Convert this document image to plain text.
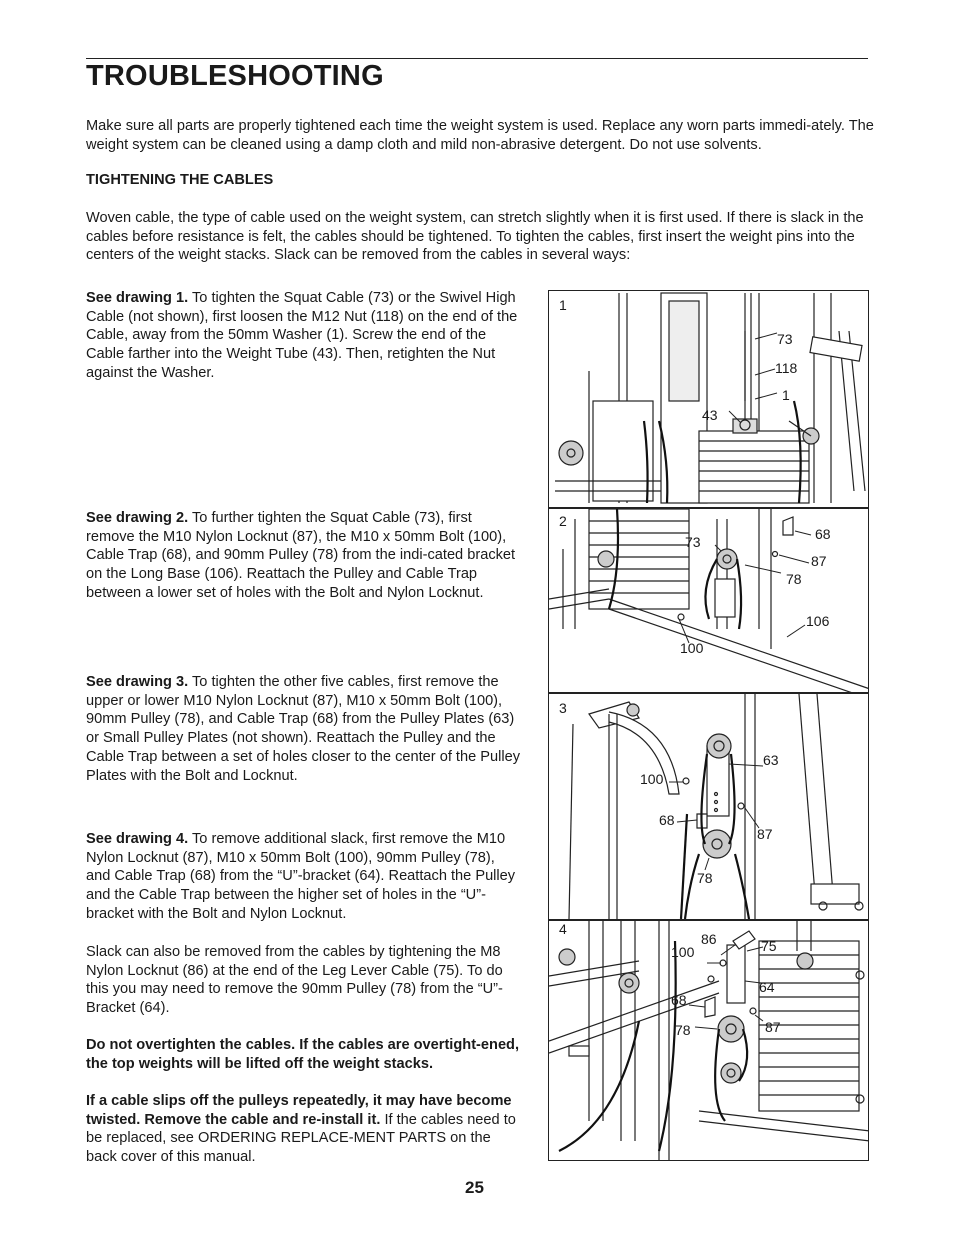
TROUBLESHOOTING

Make sure all parts are properly tightened each time the weight system is used. Replace any worn parts immedi-ately. The weight system can be cleaned using a damp cloth and mild non-abrasive detergent. Do not use solvents.

TIGHTENING THE CABLES

Woven cable, the type of cable used on the weight system, can stretch slightly when it is first used. If there is slack in the cables before resistance is felt, the cables should be tightened. To tighten the cables, first insert the weight pins into the centers of the weight stacks. Slack can be removed from the cables in several ways:

See drawing 1. To tighten the Squat Cable (73) or the Swivel High Cable (not shown), first loosen the M12 Nut (118) on the end of the Cable, away from the 50mm Washer (1). Screw the end of the Cable farther into the Weight Tube (43). Then, retighten the Nut against the Washer.

See drawing 2. To further tighten the Squat Cable (73), first remove the M10 Nylon Locknut (87), the M10 x 50mm Bolt (100), Cable Trap (68), and 90mm Pulley (78) from the indi-cated bracket on the Long Base (106). Reattach the Pulley and Cable Trap between a lower set of holes with the Bolt and Nylon Locknut.

See drawing 3. To tighten the other five cables, first remove the upper or lower M10 Nylon Locknut (87), M10 x 50mm Bolt (100), 90mm Pulley (78), and Cable Trap (68) from the Pulley Plates (63) or Small Pulley Plates (not shown). Reattach the Pulley and the Cable Trap between a set of holes closer to the center of the Pulley Plates with the Bolt and Locknut.

See drawing 4. To remove additional slack, first remove the M10 Nylon Locknut (87), M10 x 50mm Bolt (100), 90mm Pulley (78), and Cable Trap (68) from the “U”-bracket (64). Reattach the Pulley and the Cable Trap between the higher set of holes in the “U”-bracket with the Bolt and Nylon Locknut.

Slack can also be removed from the cables by tightening the M8 Nylon Locknut (86) at the end of the Leg Lever Cable (75). To do this you may need to remove the 90mm Pulley (78) from the “U”-Bracket (64).

Do not overtighten the cables. If the cables are overtight-ened, the top weights will be lifted off the weight stacks.

If a cable slips off the pulleys repeatedly, it may have become twisted. Remove the cable and re-install it. If the cables need to be replaced, see ORDERING REPLACE-MENT PARTS on the back cover of this manual.

25
1
73
118
1
43
2
73	68
87
78
106
100
3
63
100
68
87
78
4
86	75
100
64
68
78	87
